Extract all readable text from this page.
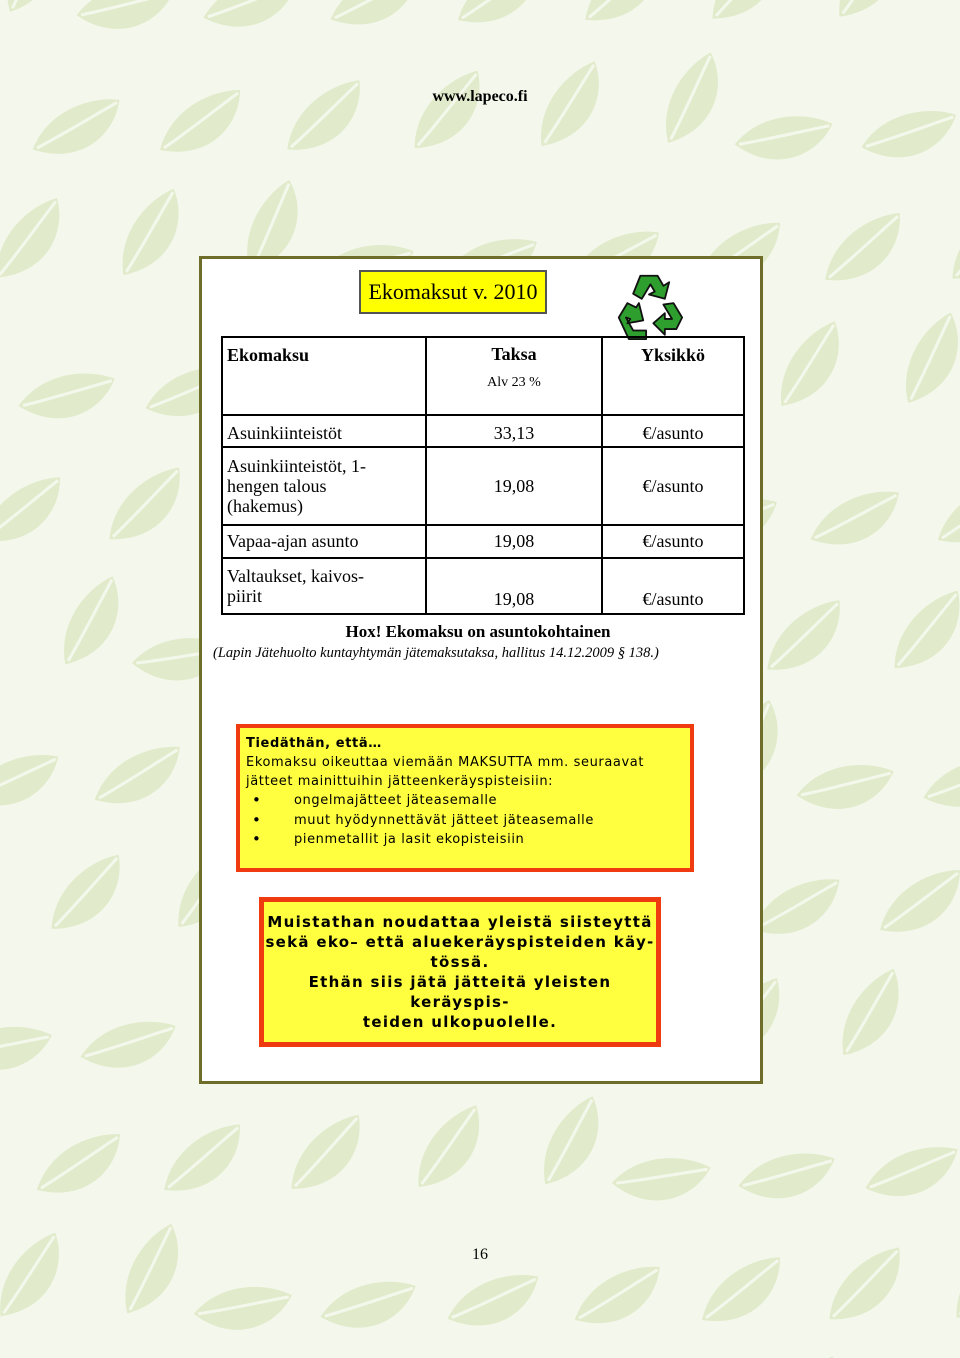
www.lapeco.fi
Ekomaksut v. 2010
Ekomaksu	Taksa	Yksikkö
	Alv 23 %	
Asuinkiinteistöt	33,13	€/asunto

Asuinkiinteistöt, 1-
hengen talous
(hakemus)	19,08	€/asunto
Vapaa-ajan asunto	19,08	€/asunto

Valtaukset, kaivos-
piirit	19,08	€/asunto
Hox! Ekomaksu on asuntokohtainen
(Lapin Jätehuolto kuntayhtymän jätemaksutaksa, hallitus 14.12.2009 § 138.)
Tiedäthän, että…
Ekomaksu oikeuttaa viemään MAKSUTTA mm. seuraavat
jätteet mainittuihin jätteenkeräyspisteisiin:
• ongelmajätteet jäteasemalle
• muut hyödynnettävät jätteet jäteasemalle
• pienmetallit ja lasit ekopisteisiin
Muistathan noudattaa yleistä siisteyttä
sekä eko– että aluekeräyspisteiden käy-
tössä.
Ethän siis jätä jätteitä yleisten keräyspis-
teiden ulkopuolelle.
16
